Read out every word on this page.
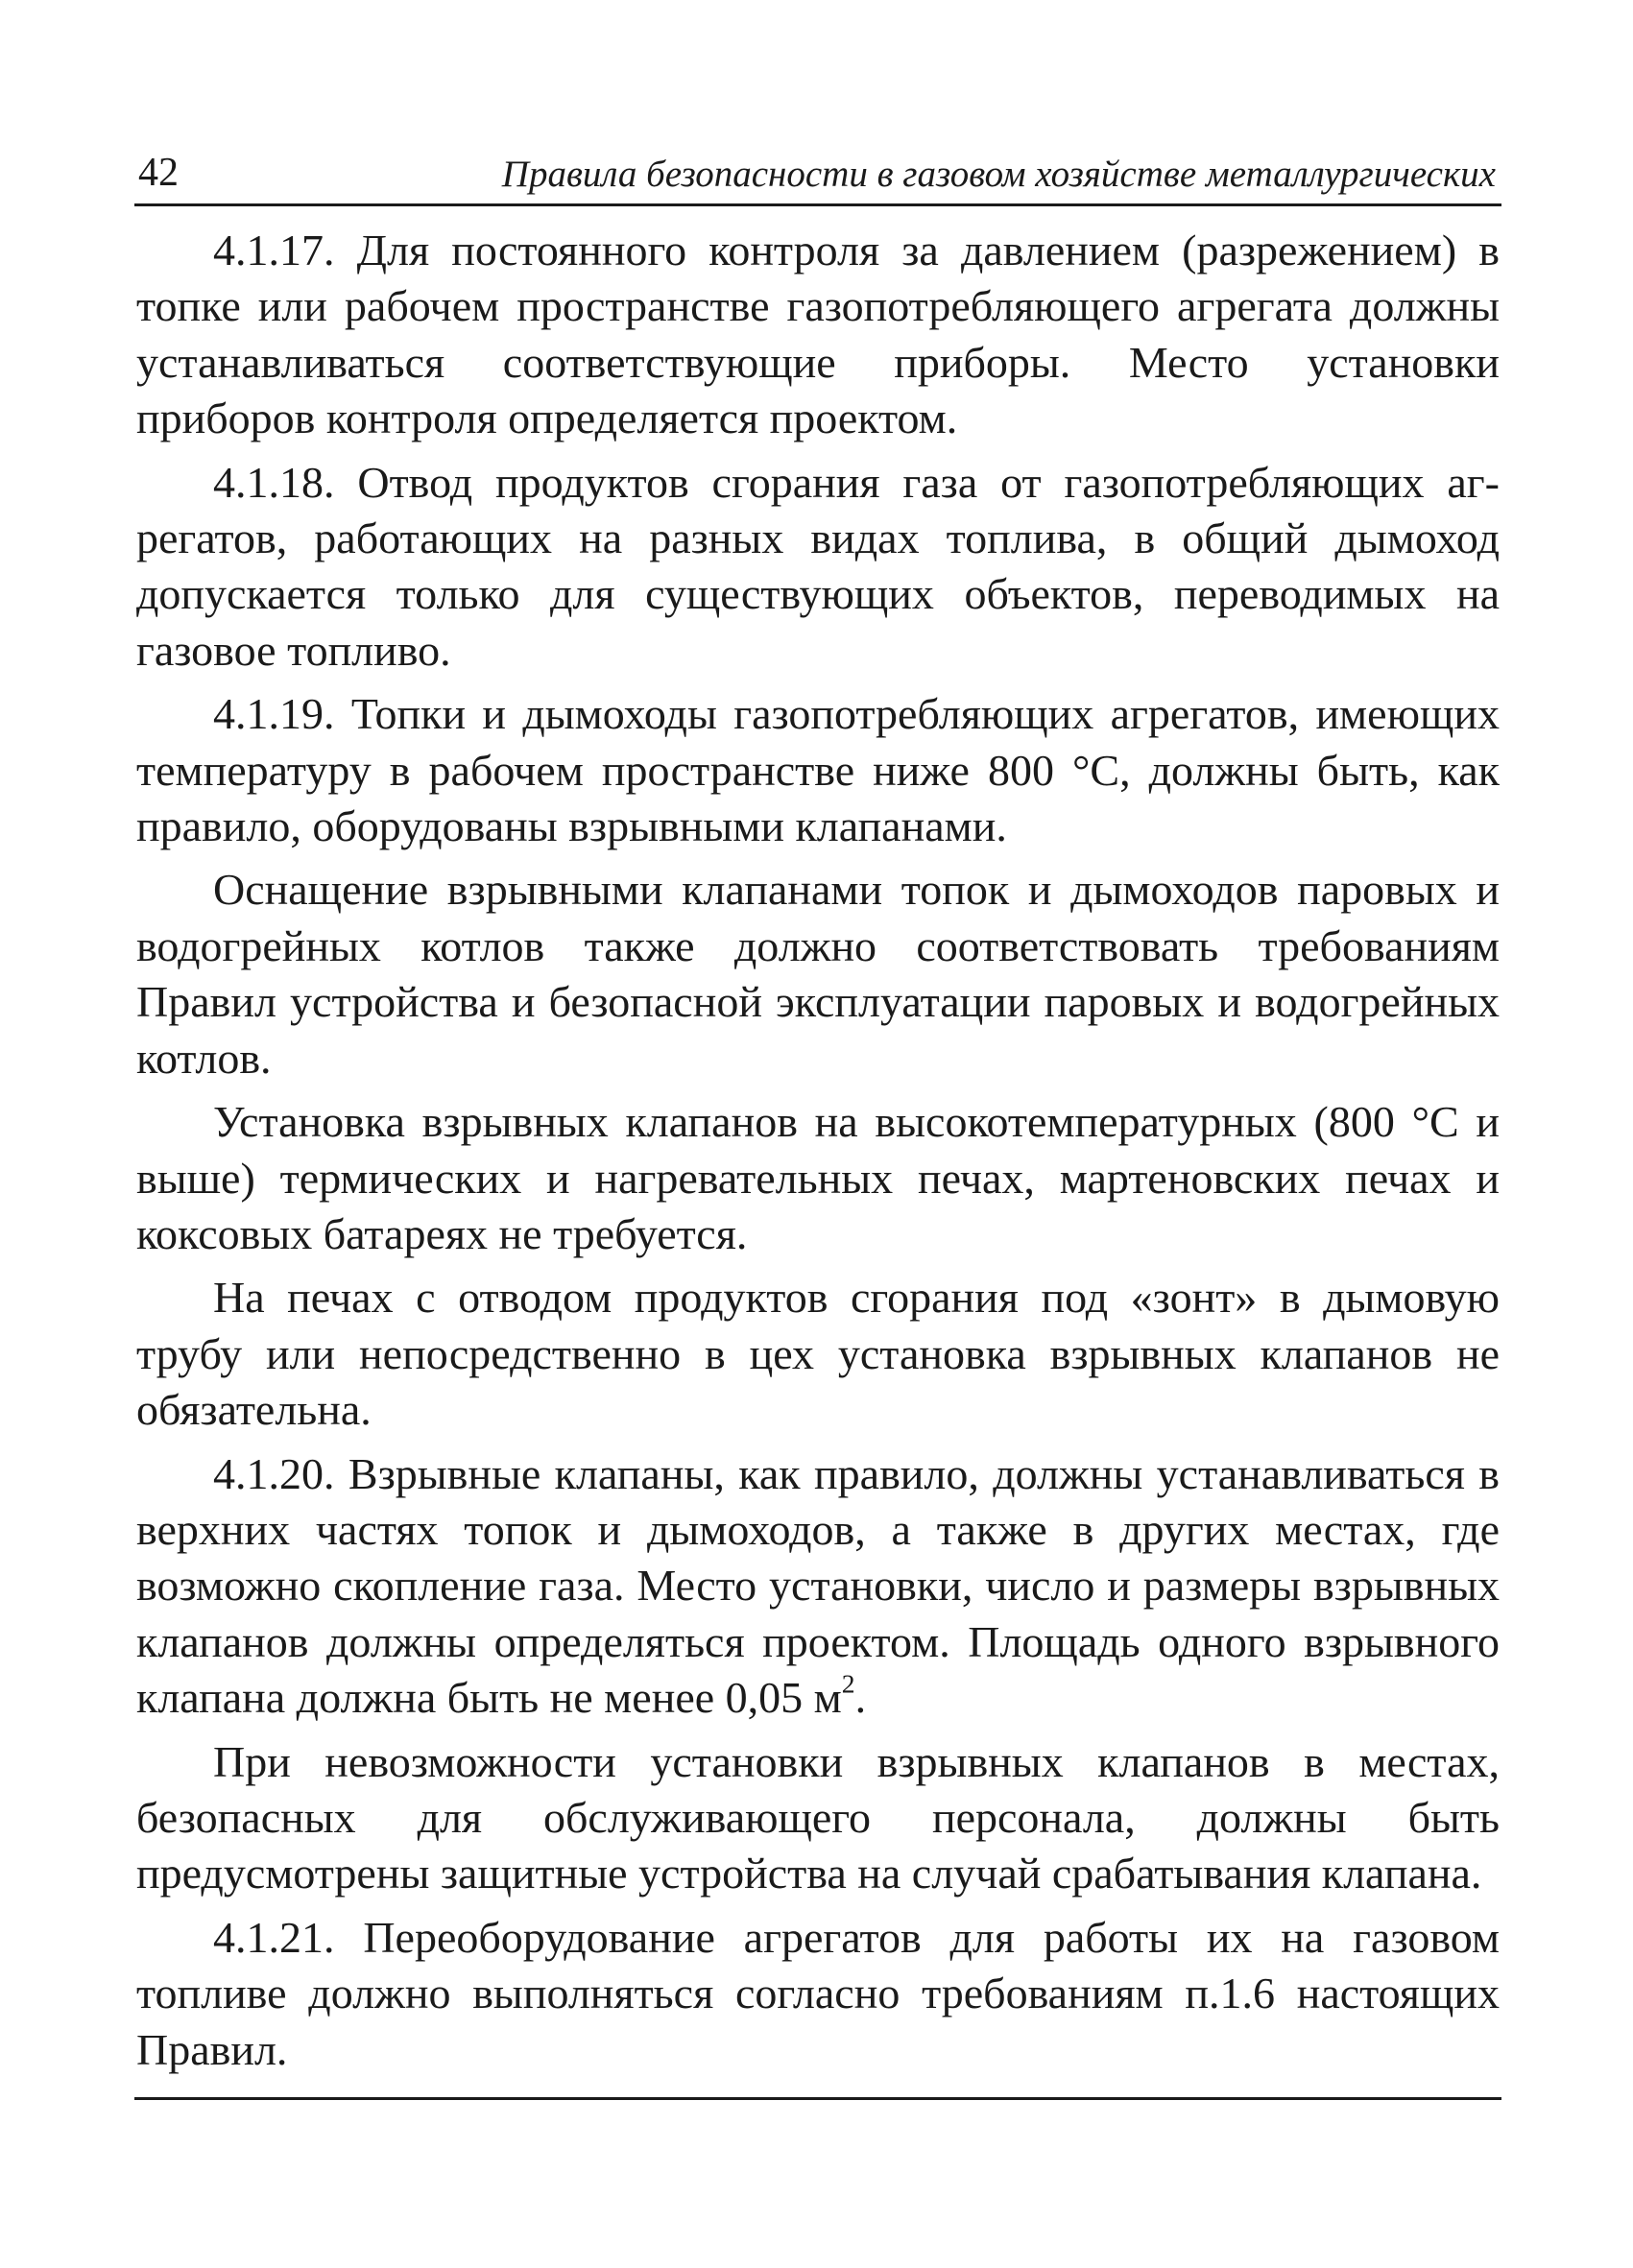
42	Правила безопасности в газовом хозяйстве металлургических

4.1.17. Для постоянного контроля за давлением (разрежением) в топке или рабочем пространстве газопотребляющего агрегата должны устанавливаться соответствующие приборы. Место установки приборов контроля определяется проектом.

4.1.18. Отвод продуктов сгорания газа от газопотребляющих агрегатов, работающих на разных видах топлива, в общий дымоход допускается только для существующих объектов, переводимых на газовое топливо.

4.1.19. Топки и дымоходы газопотребляющих агрегатов, имеющих температуру в рабочем пространстве ниже 800 °С, должны быть, как правило, оборудованы взрывными клапанами.

Оснащение взрывными клапанами топок и дымоходов паровых и водогрейных котлов также должно соответствовать требованиям Правил устройства и безопасной эксплуатации паровых и водогрейных котлов.

Установка взрывных клапанов на высокотемпературных (800 °С и выше) термических и нагревательных печах, мартеновских печах и коксовых батареях не требуется.

На печах с отводом продуктов сгорания под «зонт» в дымовую трубу или непосредственно в цех установка взрывных клапанов не обязательна.

4.1.20. Взрывные клапаны, как правило, должны устанавливаться в верхних частях топок и дымоходов, а также в других местах, где возможно скопление газа. Место установки, число и размеры взрывных клапанов должны определяться проектом. Площадь одного взрывного клапана должна быть не менее 0,05 $м^2$.

При невозможности установки взрывных клапанов в местах, безопасных для обслуживающего персонала, должны быть предусмотрены защитные устройства на случай срабатывания клапана.

4.1.21. Переоборудование агрегатов для работы их на газовом топливе должно выполняться согласно требованиям п.1.6 настоящих Правил.
